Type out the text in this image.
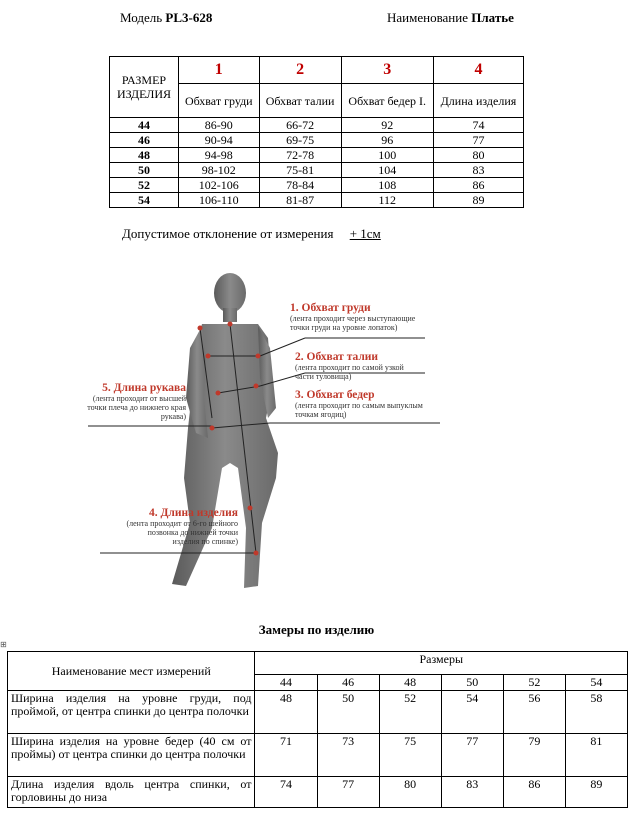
Модель PL3-628	Наименование Платье
РАЗМЕР ИЗДЕЛИЯ	1	2	3	4
	Обхват груди	Обхват талии	Обхват бедер I.	Длина изделия
44	86-90	66-72	92	74
46	90-94	69-75	96	77
48	94-98	72-78	100	80
50	98-102	75-81	104	83
52	102-106	78-84	108	86
54	106-110	81-87	112	89
Допустимое отклонение от измерения + 1см
1. Обхват груди
(лента проходит через выступающие точки груди на уровне лопаток)
2. Обхват талии
(лента проходит по самой узкой части туловища)
3. Обхват бедер
(лента проходит по самым выпуклым точкам ягодиц)
4. Длина изделия
(лента проходит от 6-го шейного позвонка до нижней точки изделия по спинке)
5. Длина рукава
(лента проходит от высшей точки плеча до нижнего края рукава)
Замеры по изделию
⊞
Наименование мест измерений	Размеры					
	44	46	48	50	52	54
Ширина изделия на уровне груди, под проймой, от центра спинки до центра полочки	48	50	52	54	56	58
Ширина изделия на уровне бедер (40 см от проймы) от центра спинки до центра полочки	71	73	75	77	79	81
Длина изделия вдоль центра спинки, от горловины до низа	74	77	80	83	86	89
